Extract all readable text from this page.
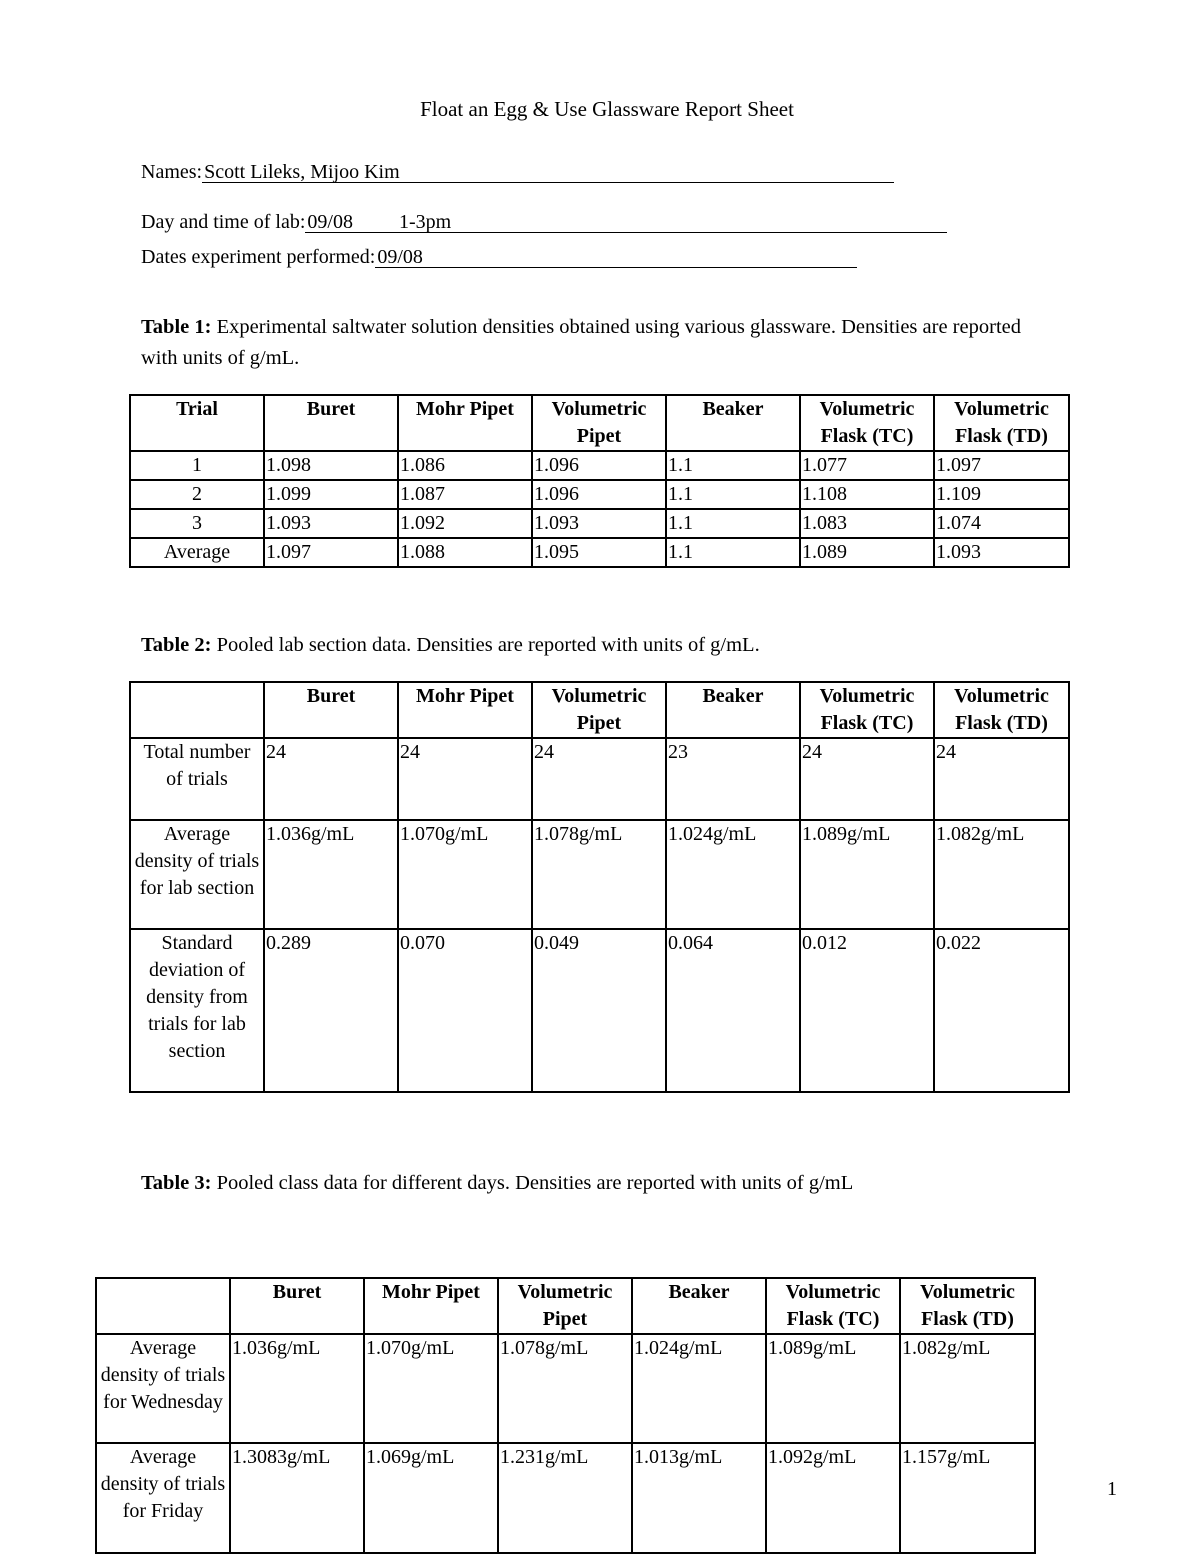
Float an Egg & Use Glassware Report Sheet
Names: Scott Lileks, Mijoo Kim
Day and time of lab: 09/08 1-3pm
Dates experiment performed: 09/08
Table 1: Experimental saltwater solution densities obtained using various glassware. Densities are reported with units of g/mL.
Trial	Buret	Mohr Pipet	Volumetric Pipet	Beaker	Volumetric Flask (TC)	Volumetric Flask (TD)
1	1.098	1.086	1.096	1.1	1.077	1.097
2	1.099	1.087	1.096	1.1	1.108	1.109
3	1.093	1.092	1.093	1.1	1.083	1.074
Average	1.097	1.088	1.095	1.1	1.089	1.093
Table 2: Pooled lab section data. Densities are reported with units of g/mL.
	Buret	Mohr Pipet	Volumetric Pipet	Beaker	Volumetric Flask (TC)	Volumetric Flask (TD)
Total number of trials	24	24	24	23	24	24
Average density of trials for lab section	1.036g/mL	1.070g/mL	1.078g/mL	1.024g/mL	1.089g/mL	1.082g/mL
Standard deviation of density from trials for lab section	0.289	0.070	0.049	0.064	0.012	0.022
Table 3: Pooled class data for different days. Densities are reported with units of g/mL
	Buret	Mohr Pipet	Volumetric Pipet	Beaker	Volumetric Flask (TC)	Volumetric Flask (TD)
Average density of trials for Wednesday	1.036g/mL	1.070g/mL	1.078g/mL	1.024g/mL	1.089g/mL	1.082g/mL
Average density of trials for Friday	1.3083g/mL	1.069g/mL	1.231g/mL	1.013g/mL	1.092g/mL	1.157g/mL
1
